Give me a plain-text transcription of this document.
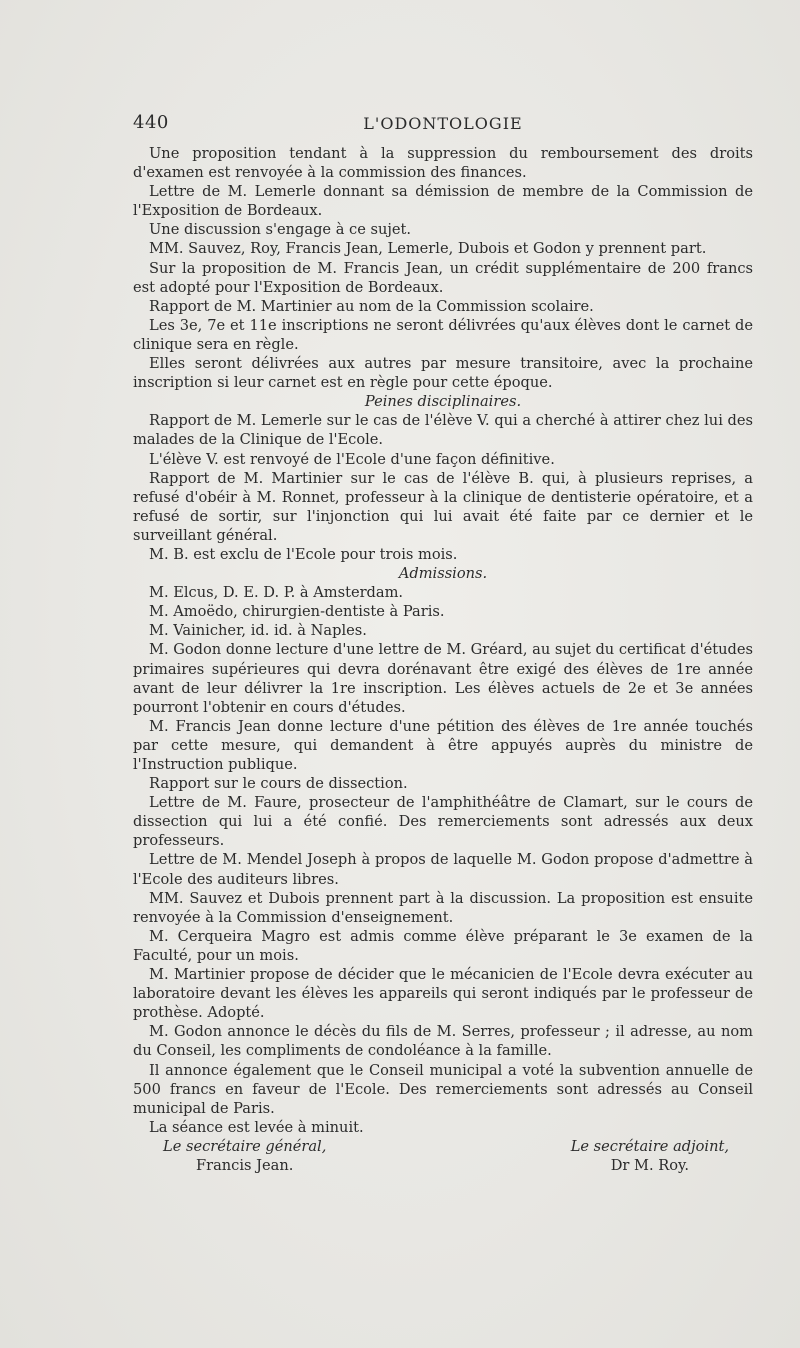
440	L'ODONTOLOGIE

Une proposition tendant à la suppression du remboursement des droits d'examen est renvoyée à la commission des finances.

Lettre de M. Lemerle donnant sa démission de membre de la Commission de l'Exposition de Bordeaux.

Une discussion s'engage à ce sujet.

MM. Sauvez, Roy, Francis Jean, Lemerle, Dubois et Godon y prennent part.

Sur la proposition de M. Francis Jean, un crédit supplémentaire de 200 francs est adopté pour l'Exposition de Bordeaux.

Rapport de M. Martinier au nom de la Commission scolaire.

Les 3e, 7e et 11e inscriptions ne seront délivrées qu'aux élèves dont le carnet de clinique sera en règle.

Elles seront délivrées aux autres par mesure transitoire, avec la prochaine inscription si leur carnet est en règle pour cette époque.

Peines disciplinaires.

Rapport de M. Lemerle sur le cas de l'élève V. qui a cherché à attirer chez lui des malades de la Clinique de l'Ecole.

L'élève V. est renvoyé de l'Ecole d'une façon définitive.

Rapport de M. Martinier sur le cas de l'élève B. qui, à plusieurs reprises, a refusé d'obéir à M. Ronnet, professeur à la clinique de dentisterie opératoire, et a refusé de sortir, sur l'injonction qui lui avait été faite par ce dernier et le surveillant général.

M. B. est exclu de l'Ecole pour trois mois.

Admissions.

M. Elcus, D. E. D. P. à Amsterdam.

M. Amoëdo, chirurgien-dentiste à Paris.

M. Vainicher, id. id. à Naples.

M. Godon donne lecture d'une lettre de M. Gréard, au sujet du certificat d'études primaires supérieures qui devra dorénavant être exigé des élèves de 1re année avant de leur délivrer la 1re inscription. Les élèves actuels de 2e et 3e années pourront l'obtenir en cours d'études.

M. Francis Jean donne lecture d'une pétition des élèves de 1re année touchés par cette mesure, qui demandent à être appuyés auprès du ministre de l'Instruction publique.

Rapport sur le cours de dissection.

Lettre de M. Faure, prosecteur de l'amphithéâtre de Clamart, sur le cours de dissection qui lui a été confié. Des remerciements sont adressés aux deux professeurs.

Lettre de M. Mendel Joseph à propos de laquelle M. Godon propose d'admettre à l'Ecole des auditeurs libres.

MM. Sauvez et Dubois prennent part à la discussion. La proposition est ensuite renvoyée à la Commission d'enseignement.

M. Cerqueira Magro est admis comme élève préparant le 3e examen de la Faculté, pour un mois.

M. Martinier propose de décider que le mécanicien de l'Ecole devra exécuter au laboratoire devant les élèves les appareils qui seront indiqués par le professeur de prothèse. Adopté.

M. Godon annonce le décès du fils de M. Serres, professeur ; il adresse, au nom du Conseil, les compliments de condoléance à la famille.

Il annonce également que le Conseil municipal a voté la subvention annuelle de 500 francs en faveur de l'Ecole. Des remerciements sont adressés au Conseil municipal de Paris.

La séance est levée à minuit.

Le secrétaire général,
Francis Jean.
Le secrétaire adjoint,
Dr M. Roy.
